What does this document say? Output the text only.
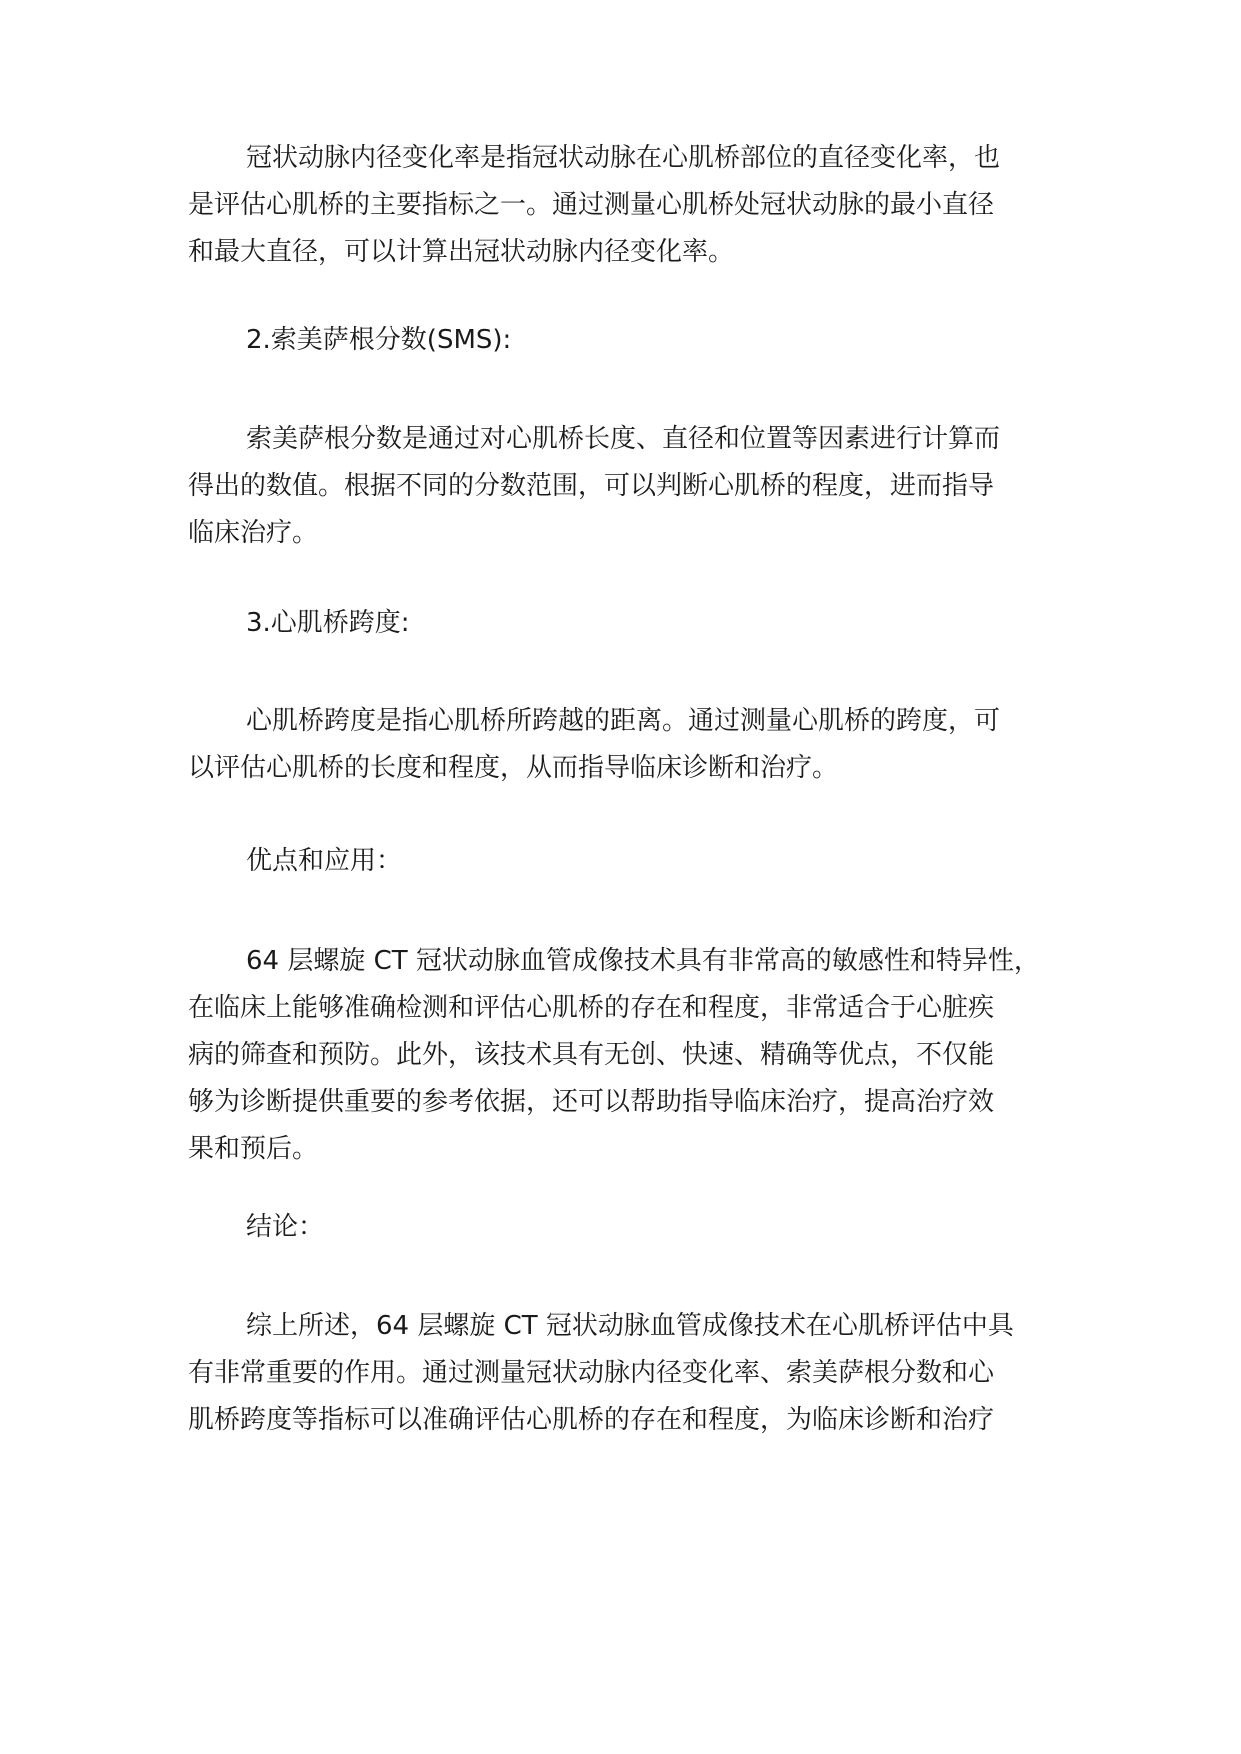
冠状动脉内径变化率是指冠状动脉在心肌桥部位的直径变化率，也
是评估心肌桥的主要指标之一。通过测量心肌桥处冠状动脉的最小直径
和最大直径，可以计算出冠状动脉内径变化率。
2.索美萨根分数(SMS):
索美萨根分数是通过对心肌桥长度、直径和位置等因素进行计算而
得出的数值。根据不同的分数范围，可以判断心肌桥的程度，进而指导
临床治疗。
3.心肌桥跨度:
心肌桥跨度是指心肌桥所跨越的距离。通过测量心肌桥的跨度，可
以评估心肌桥的长度和程度，从而指导临床诊断和治疗。
优点和应用：
64 层螺旋 CT 冠状动脉血管成像技术具有非常高的敏感性和特异性，
在临床上能够准确检测和评估心肌桥的存在和程度，非常适合于心脏疾
病的筛查和预防。此外，该技术具有无创、快速、精确等优点，不仅能
够为诊断提供重要的参考依据，还可以帮助指导临床治疗，提高治疗效
果和预后。
结论：
综上所述，64 层螺旋 CT 冠状动脉血管成像技术在心肌桥评估中具
有非常重要的作用。通过测量冠状动脉内径变化率、索美萨根分数和心
肌桥跨度等指标可以准确评估心肌桥的存在和程度，为临床诊断和治疗
